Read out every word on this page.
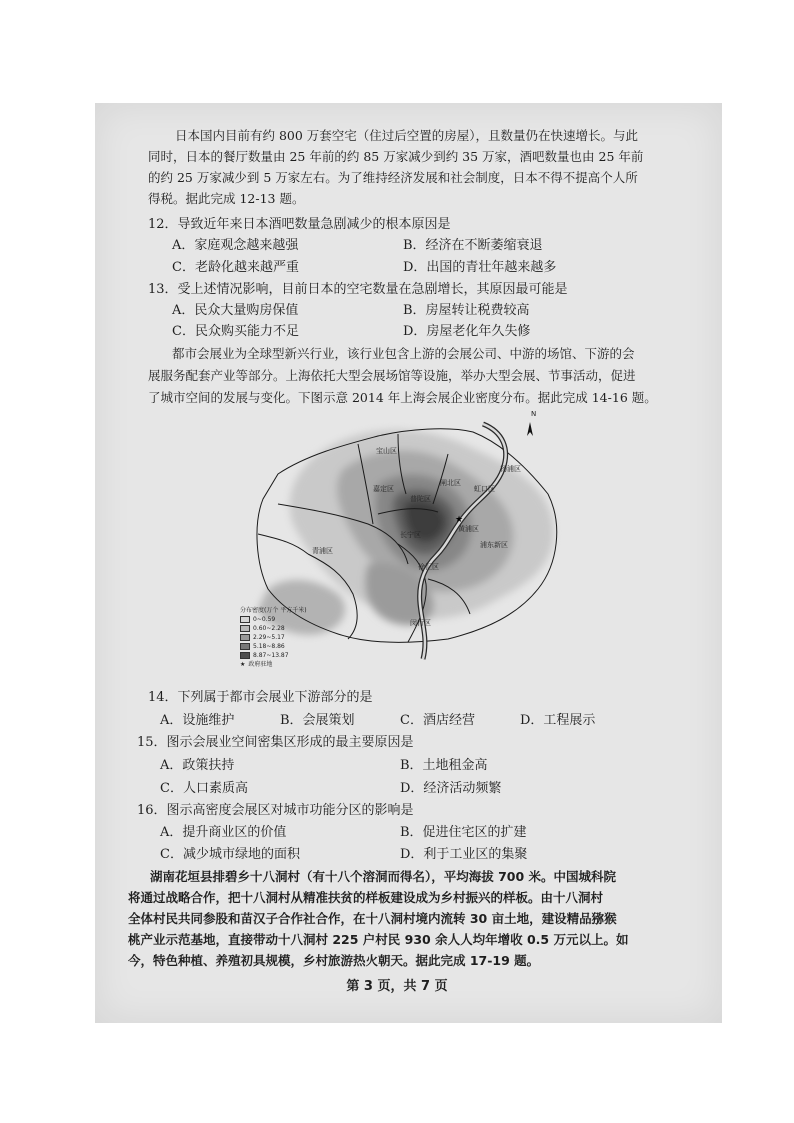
日本国内目前有约 800 万套空宅（住过后空置的房屋），且数量仍在快速增长。与此
同时，日本的餐厅数量由 25 年前的约 85 万家减少到约 35 万家，酒吧数量也由 25 年前
的约 25 万家减少到 5 万家左右。为了维持经济发展和社会制度，日本不得不提高个人所
得税。据此完成 12-13 题。
12．导致近年来日本酒吧数量急剧减少的根本原因是
A．家庭观念越来越强	B．经济在不断萎缩衰退
C．老龄化越来越严重	D．出国的青壮年越来越多
13．受上述情况影响，目前日本的空宅数量在急剧增长，其原因最可能是
A．民众大量购房保值	B．房屋转让税费较高
C．民众购买能力不足	D．房屋老化年久失修
都市会展业为全球型新兴行业，该行业包含上游的会展公司、中游的场馆、下游的会
展服务配套产业等部分。上海依托大型会展场馆等设施，举办大型会展、节事活动，促进
了城市空间的发展与变化。下图示意 2014 年上海会展企业密度分布。据此完成 14-16 题。
★
N
宝山区
嘉定区
杨浦区
闸北区
虹口区
普陀区
长宁区
黄浦区
浦东新区
青浦区
徐汇区
闵行区
分布密度(万个 平方千米)
0~0.59
0.60~2.28
2.29~5.17
5.18~8.86
8.87~13.87
★ 政府驻地
14．下列属于都市会展业下游部分的是
A．设施维护	B．会展策划	C．酒店经营	D．工程展示
15．图示会展业空间密集区形成的最主要原因是
A．政策扶持	B．土地租金高
C．人口素质高	D．经济活动频繁
16．图示高密度会展区对城市功能分区的影响是
A．提升商业区的价值	B．促进住宅区的扩建
C．减少城市绿地的面积	D．利于工业区的集聚
湖南花垣县排碧乡十八洞村（有十八个溶洞而得名），平均海拔 700 米。中国城科院
将通过战略合作，把十八洞村从精准扶贫的样板建设成为乡村振兴的样板。由十八洞村
全体村民共同参股和苗汉子合作社合作，在十八洞村境内流转 30 亩土地，建设精品猕猴
桃产业示范基地，直接带动十八洞村 225 户村民 930 余人人均年增收 0.5 万元以上。如
今，特色种植、养殖初具规模，乡村旅游热火朝天。据此完成 17-19 题。
第 3 页，共 7 页
